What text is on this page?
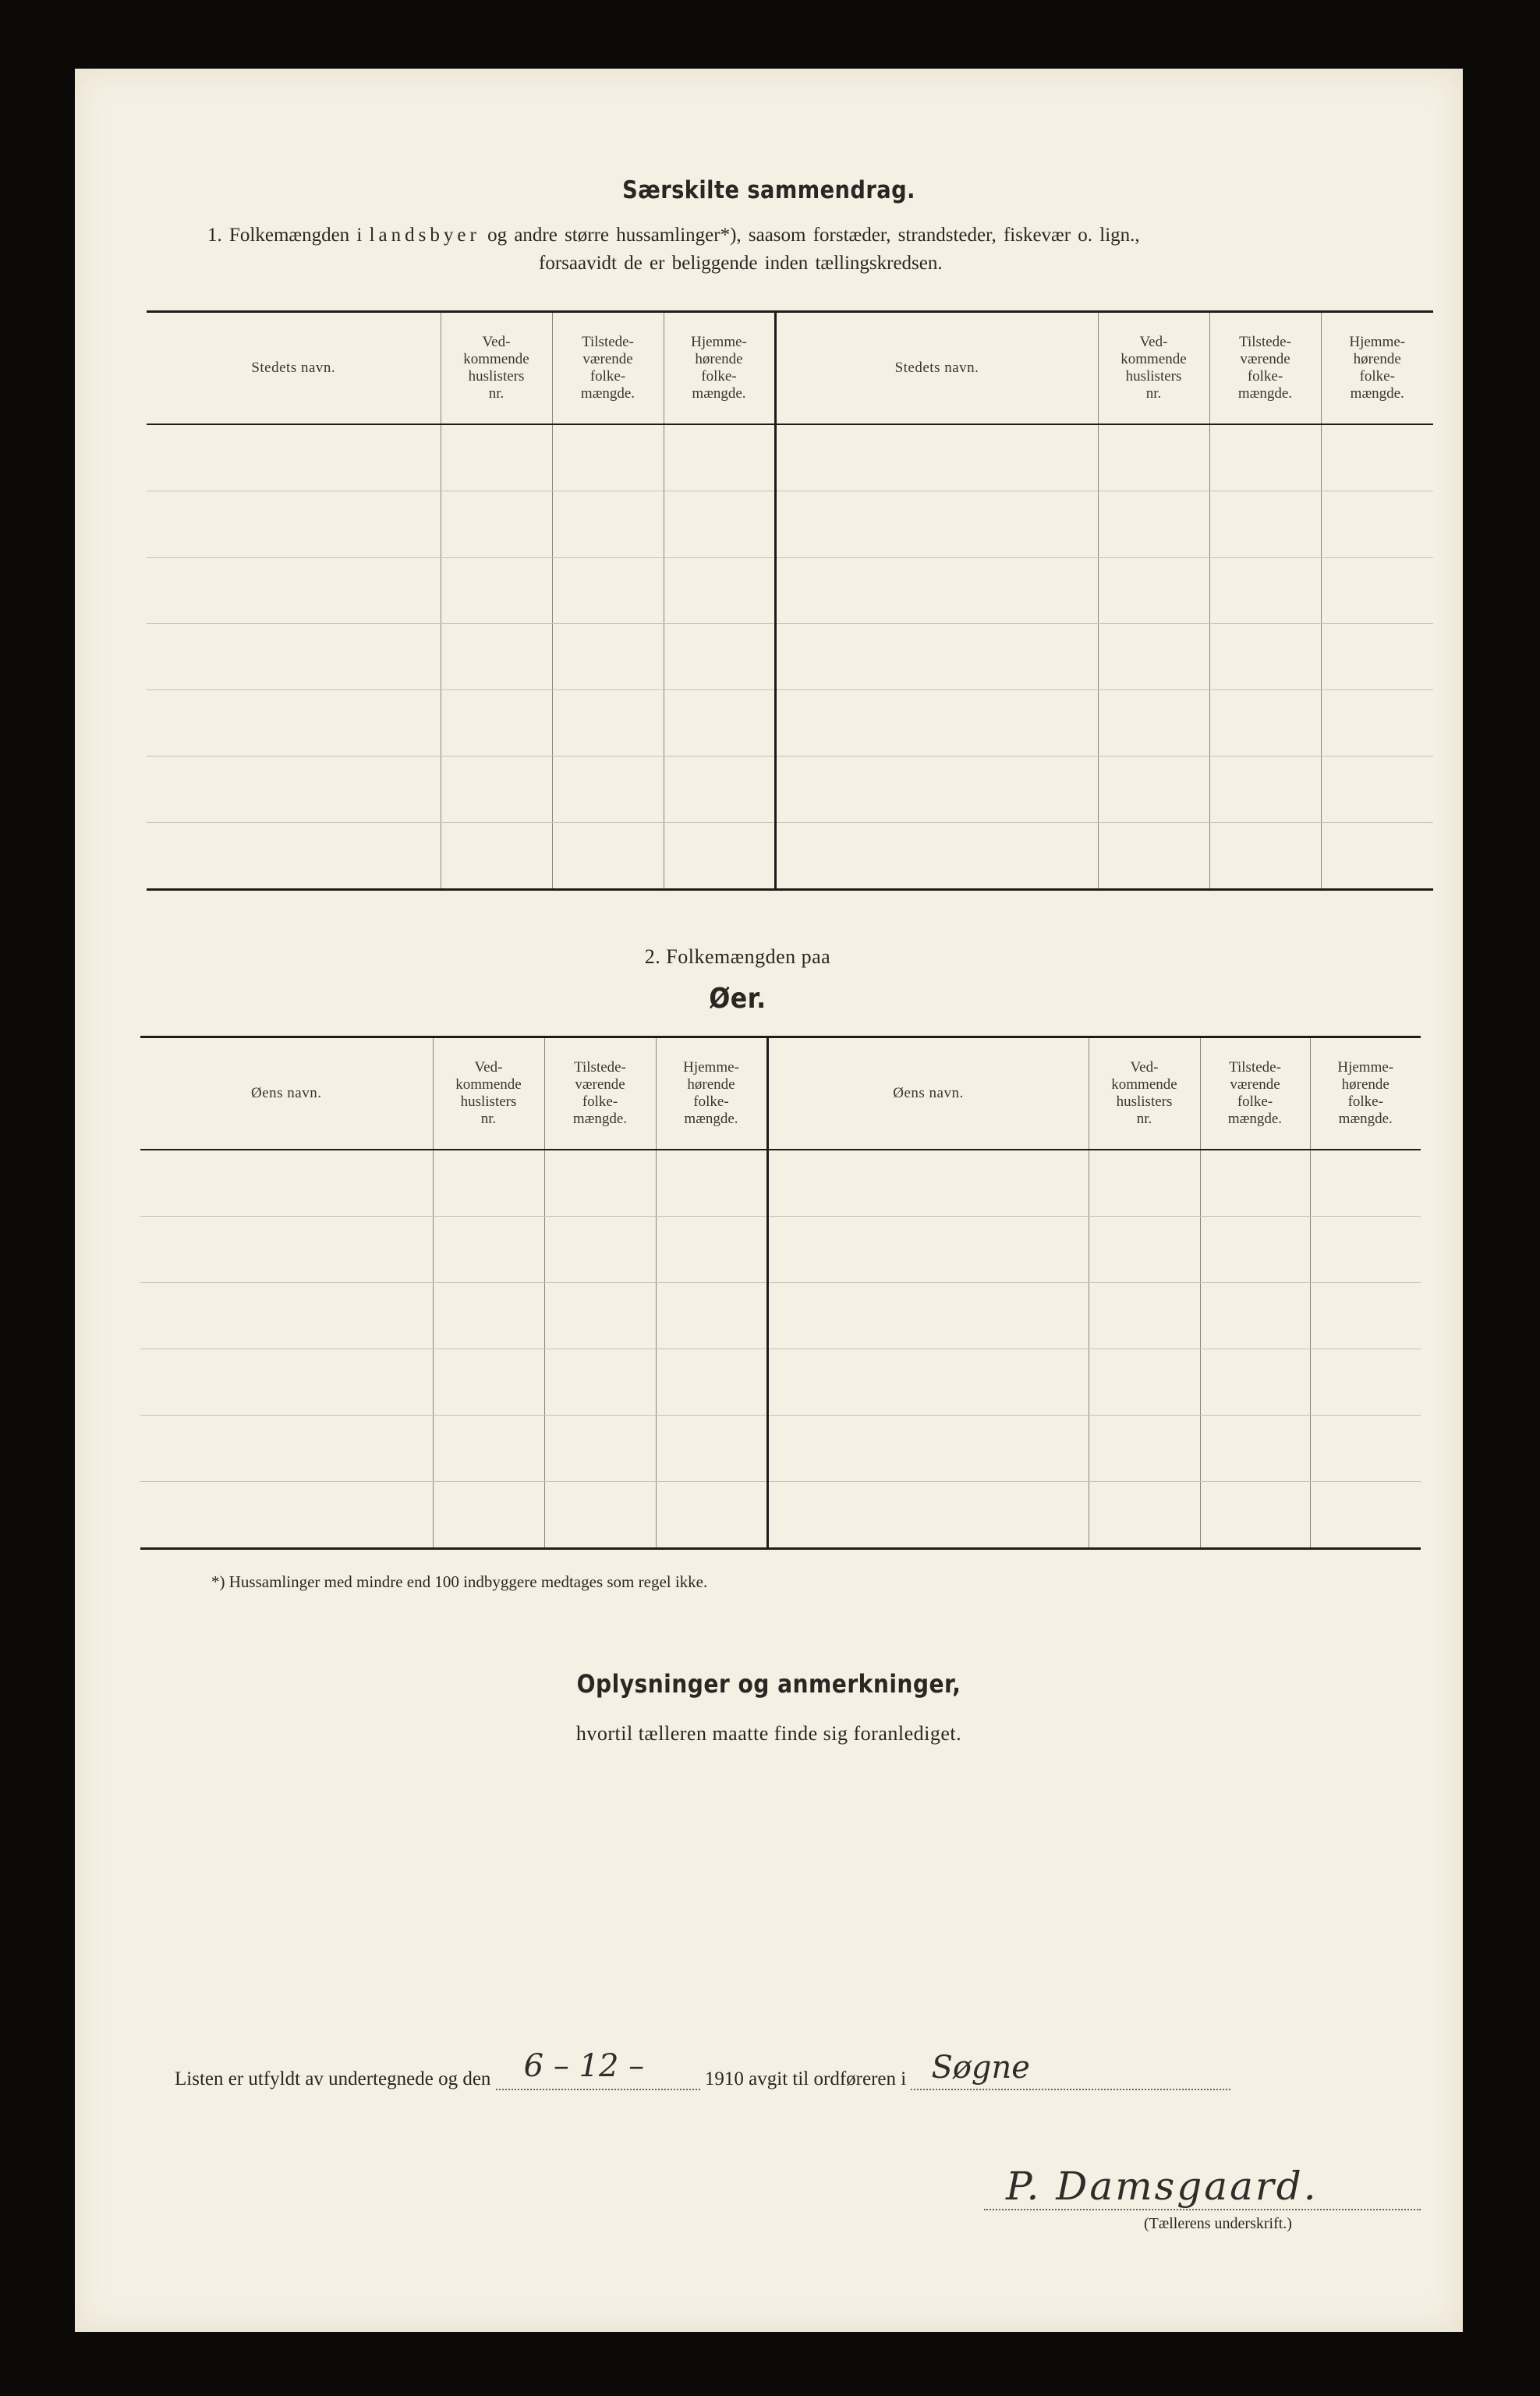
Særskilte sammendrag.
1. Folkemængden i landsbyer og andre større hussamlinger*), saasom forstæder, strandsteder, fiskevær o. lign.,
forsaavidt de er beliggende inden tællingskredsen.
Stedets navn.	Ved-
kommende
huslisters
nr.	Tilstede-
værende
folke-
mængde.	Hjemme-
hørende
folke-
mængde.	Stedets navn.	Ved-
kommende
huslisters
nr.	Tilstede-
værende
folke-
mængde.	Hjemme-
hørende
folke-
mængde.

2. Folkemængden paa
Øer.
Øens navn.	Ved-
kommende
huslisters
nr.	Tilstede-
værende
folke-
mængde.	Hjemme-
hørende
folke-
mængde.	Øens navn.	Ved-
kommende
huslisters
nr.	Tilstede-
værende
folke-
mængde.	Hjemme-
hørende
folke-
mængde.

*) Hussamlinger med mindre end 100 indbyggere medtages som regel ikke.
Oplysninger og anmerkninger,
hvortil tælleren maatte finde sig foranlediget.
Listen er utfyldt av undertegnede og den 6 – 12 –	1910 avgit til ordføreren i Søgne
P. Damsgaard.
(Tællerens underskrift.)
